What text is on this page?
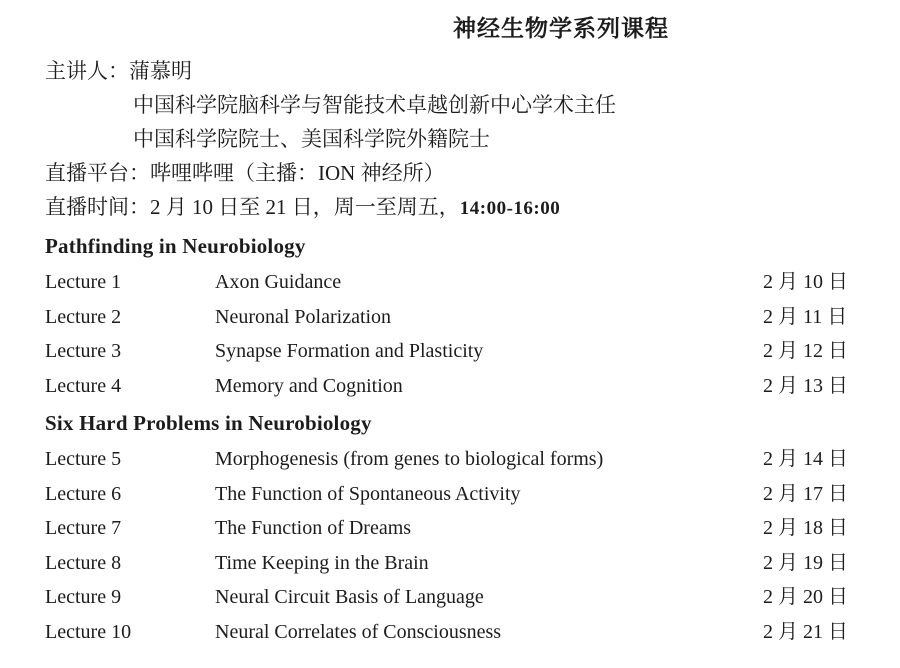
神经生物学系列课程
主讲人：蒲慕明
中国科学院脑科学与智能技术卓越创新中心学术主任
中国科学院院士、美国科学院外籍院士
直播平台：哔哩哔哩（主播：ION 神经所）
直播时间：2 月 10 日至 21 日，周一至周五，14:00-16:00
Pathfinding in Neurobiology
Lecture 1	Axon Guidance	2 月 10 日
Lecture 2	Neuronal Polarization	2 月 11 日
Lecture 3	Synapse Formation and Plasticity	2 月 12 日
Lecture 4	Memory and Cognition	2 月 13 日
Six Hard Problems in Neurobiology
Lecture 5	Morphogenesis (from genes to biological forms)	2 月 14 日
Lecture 6	The Function of Spontaneous Activity	2 月 17 日
Lecture 7	The Function of Dreams	2 月 18 日
Lecture 8	Time Keeping in the Brain	2 月 19 日
Lecture 9	Neural Circuit Basis of Language	2 月 20 日
Lecture 10	Neural Correlates of Consciousness	2 月 21 日
